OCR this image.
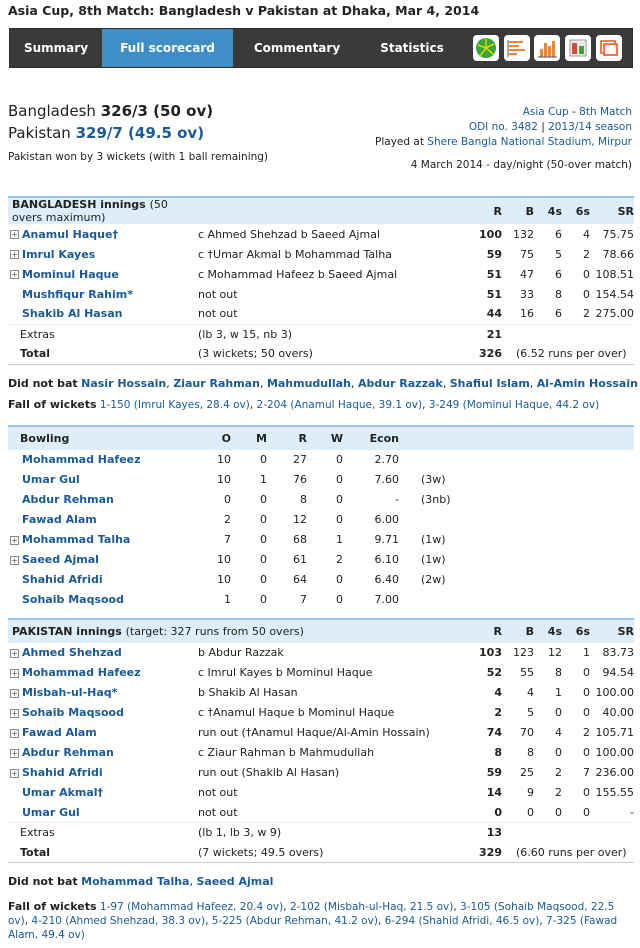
Asia Cup, 8th Match: Bangladesh v Pakistan at Dhaka, Mar 4, 2014
Summary	Full scorecard	Commentary	Statistics
Bangladesh 326/3 (50 ov)
Pakistan 329/7 (49.5 ov)
Pakistan won by 3 wickets (with 1 ball remaining)
Asia Cup - 8th Match
ODI no. 3482 | 2013/14 season
Played at Shere Bangla National Stadium, Mirpur
4 March 2014 - day/night (50-over match)
BANGLADESH innings (50 overs maximum)		R	B	4s	6s	SR
+ Anamul Haque†	c Ahmed Shehzad b Saeed Ajmal	100	132	6	4	75.75
+ Imrul Kayes	c †Umar Akmal b Mohammad Talha	59	75	5	2	78.66
+ Mominul Haque	c Mohammad Hafeez b Saeed Ajmal	51	47	6	0	108.51
Mushfiqur Rahim*	not out	51	33	8	0	154.54
Shakib Al Hasan	not out	44	16	6	2	275.00
Extras	(lb 3, w 15, nb 3)	21				
Total	(3 wickets; 50 overs)	326	(6.52 runs per over)			
Did not bat Nasir Hossain, Ziaur Rahman, Mahmudullah, Abdur Razzak, Shafiul Islam, Al-Amin Hossain
Fall of wickets 1-150 (Imrul Kayes, 28.4 ov), 2-204 (Anamul Haque, 39.1 ov), 3-249 (Mominul Haque, 44.2 ov)
Bowling	O	M	R	W	Econ	
Mohammad Hafeez	10	0	27	0	2.70	
Umar Gul	10	1	76	0	7.60	(3w)
Abdur Rehman	0	0	8	0	-	(3nb)
Fawad Alam	2	0	12	0	6.00	
+ Mohammad Talha	7	0	68	1	9.71	(1w)
+ Saeed Ajmal	10	0	61	2	6.10	(1w)
Shahid Afridi	10	0	64	0	6.40	(2w)
Sohaib Maqsood	1	0	7	0	7.00	
PAKISTAN innings (target: 327 runs from 50 overs)		R	B	4s	6s	SR
+ Ahmed Shehzad	b Abdur Razzak	103	123	12	1	83.73
+ Mohammad Hafeez	c Imrul Kayes b Mominul Haque	52	55	8	0	94.54
+ Misbah-ul-Haq*	b Shakib Al Hasan	4	4	1	0	100.00
+ Sohaib Maqsood	c †Anamul Haque b Mominul Haque	2	5	0	0	40.00
+ Fawad Alam	run out (†Anamul Haque/Al-Amin Hossain)	74	70	4	2	105.71
+ Abdur Rehman	c Ziaur Rahman b Mahmudullah	8	8	0	0	100.00
+ Shahid Afridi	run out (Shakib Al Hasan)	59	25	2	7	236.00
Umar Akmal†	not out	14	9	2	0	155.55
Umar Gul	not out	0	0	0	0	-
Extras	(lb 1, lb 3, w 9)	13				
Total	(7 wickets; 49.5 overs)	329	(6.60 runs per over)			
Did not bat Mohammad Talha, Saeed Ajmal
Fall of wickets 1-97 (Mohammad Hafeez, 20.4 ov), 2-102 (Misbah-ul-Haq, 21.5 ov), 3-105 (Sohaib Maqsood, 22.5 ov), 4-210 (Ahmed Shehzad, 38.3 ov), 5-225 (Abdur Rehman, 41.2 ov), 6-294 (Shahid Afridi, 46.5 ov), 7-325 (Fawad Alam, 49.4 ov)
